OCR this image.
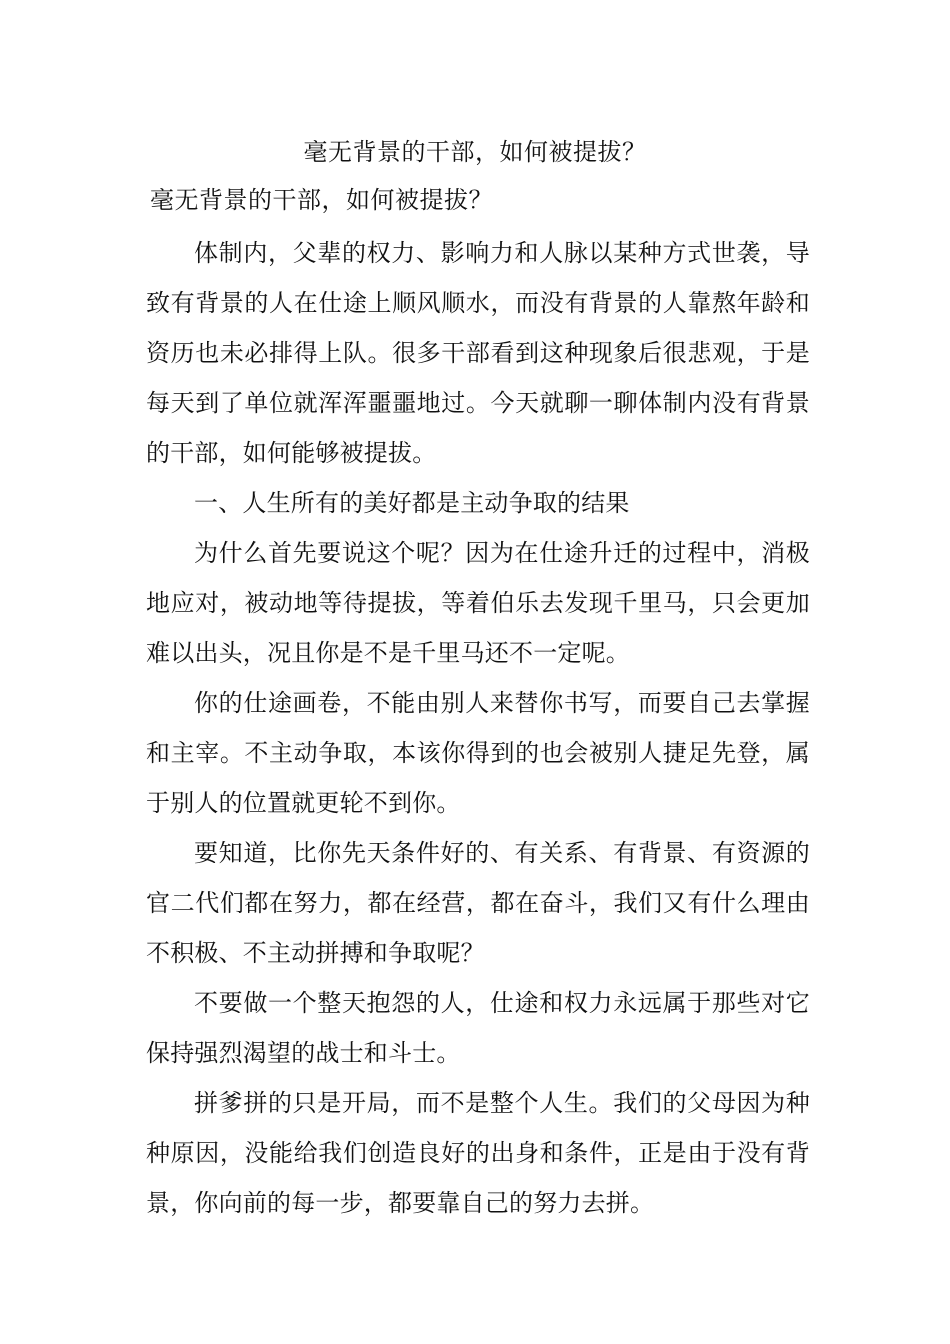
毫无背景的干部，如何被提拔？
毫无背景的干部，如何被提拔？

体制内，父辈的权力、影响力和人脉以某种方式世袭，导致有背景的人在仕途上顺风顺水，而没有背景的人靠熬年龄和资历也未必排得上队。很多干部看到这种现象后很悲观，于是每天到了单位就浑浑噩噩地过。今天就聊一聊体制内没有背景的干部，如何能够被提拔。

一、人生所有的美好都是主动争取的结果

为什么首先要说这个呢？因为在仕途升迁的过程中，消极地应对，被动地等待提拔，等着伯乐去发现千里马，只会更加难以出头，况且你是不是千里马还不一定呢。

你的仕途画卷，不能由别人来替你书写，而要自己去掌握和主宰。不主动争取，本该你得到的也会被别人捷足先登，属于别人的位置就更轮不到你。

要知道，比你先天条件好的、有关系、有背景、有资源的官二代们都在努力，都在经营，都在奋斗，我们又有什么理由不积极、不主动拼搏和争取呢？

不要做一个整天抱怨的人，仕途和权力永远属于那些对它保持强烈渴望的战士和斗士。

拼爹拼的只是开局，而不是整个人生。我们的父母因为种种原因，没能给我们创造良好的出身和条件，正是由于没有背景，你向前的每一步，都要靠自己的努力去拼。
